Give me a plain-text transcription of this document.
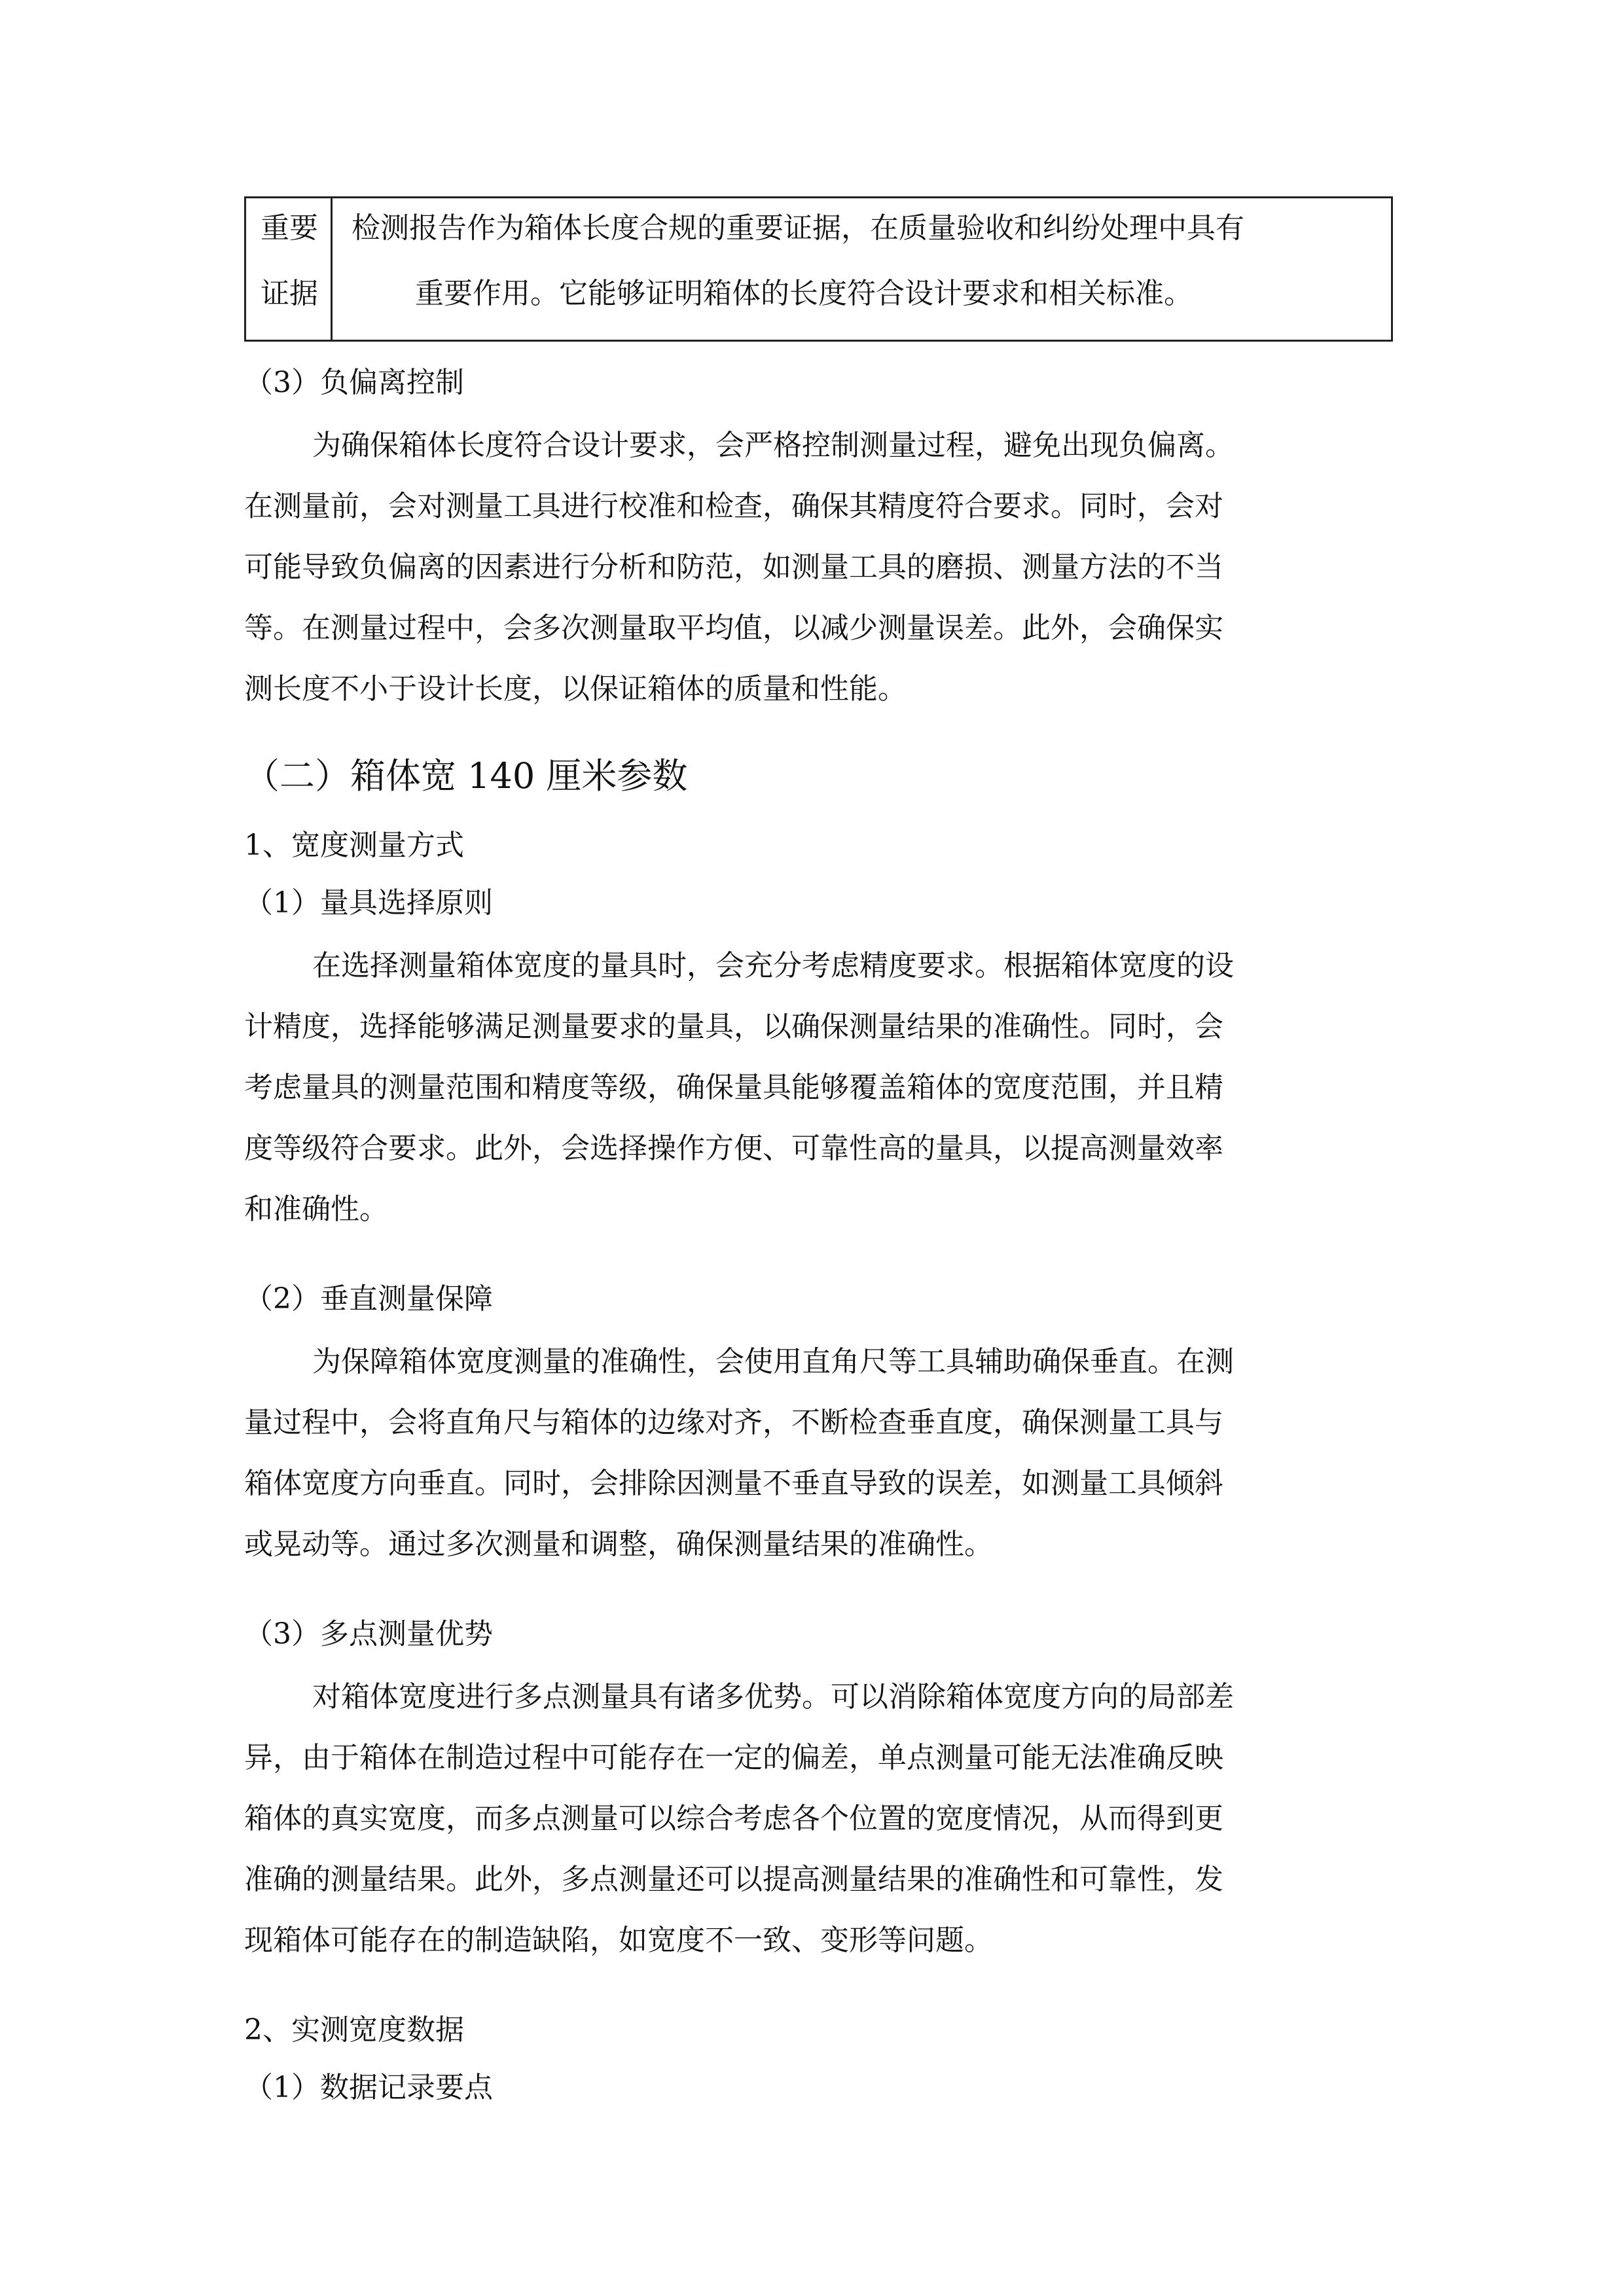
重要
证据
检测报告作为箱体长度合规的重要证据，在质量验收和纠纷处理中具有
重要作用。它能够证明箱体的长度符合设计要求和相关标准。
（3）负偏离控制
为确保箱体长度符合设计要求，会严格控制测量过程，避免出现负偏离。
在测量前，会对测量工具进行校准和检查，确保其精度符合要求。同时，会对
可能导致负偏离的因素进行分析和防范，如测量工具的磨损、测量方法的不当
等。在测量过程中，会多次测量取平均值，以减少测量误差。此外，会确保实
测长度不小于设计长度，以保证箱体的质量和性能。
（二）箱体宽 140 厘米参数
1、宽度测量方式
（1）量具选择原则
在选择测量箱体宽度的量具时，会充分考虑精度要求。根据箱体宽度的设
计精度，选择能够满足测量要求的量具，以确保测量结果的准确性。同时，会
考虑量具的测量范围和精度等级，确保量具能够覆盖箱体的宽度范围，并且精
度等级符合要求。此外，会选择操作方便、可靠性高的量具，以提高测量效率
和准确性。
（2）垂直测量保障
为保障箱体宽度测量的准确性，会使用直角尺等工具辅助确保垂直。在测
量过程中，会将直角尺与箱体的边缘对齐，不断检查垂直度，确保测量工具与
箱体宽度方向垂直。同时，会排除因测量不垂直导致的误差，如测量工具倾斜
或晃动等。通过多次测量和调整，确保测量结果的准确性。
（3）多点测量优势
对箱体宽度进行多点测量具有诸多优势。可以消除箱体宽度方向的局部差
异，由于箱体在制造过程中可能存在一定的偏差，单点测量可能无法准确反映
箱体的真实宽度，而多点测量可以综合考虑各个位置的宽度情况，从而得到更
准确的测量结果。此外，多点测量还可以提高测量结果的准确性和可靠性，发
现箱体可能存在的制造缺陷，如宽度不一致、变形等问题。
2、实测宽度数据
（1）数据记录要点
